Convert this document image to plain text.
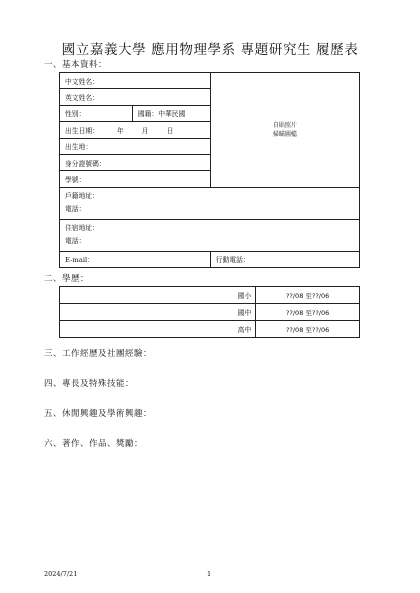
國立嘉義大學 應用物理學系 專題研究生 履歷表
一、基本資料：
中文姓名：		自貼照片
掃瞄圖檔

英文姓名：		
性別：	國籍：中華民國	
出生日期： 年 月 日		
出生地：		
身分證號碼：		
學號：		

戶籍地址：
電話：		

住宿地址：
電話：		

E-mail：		行動電話：
二、學歷：
國小	??/08 至??/06
國中	??/08 至??/06
高中	??/08 至??/06
三、工作經歷及社團經驗：
四、專長及特殊技能：
五、休閒興趣及學術興趣：
六、著作、作品、獎勵：
2024/7/21	1
